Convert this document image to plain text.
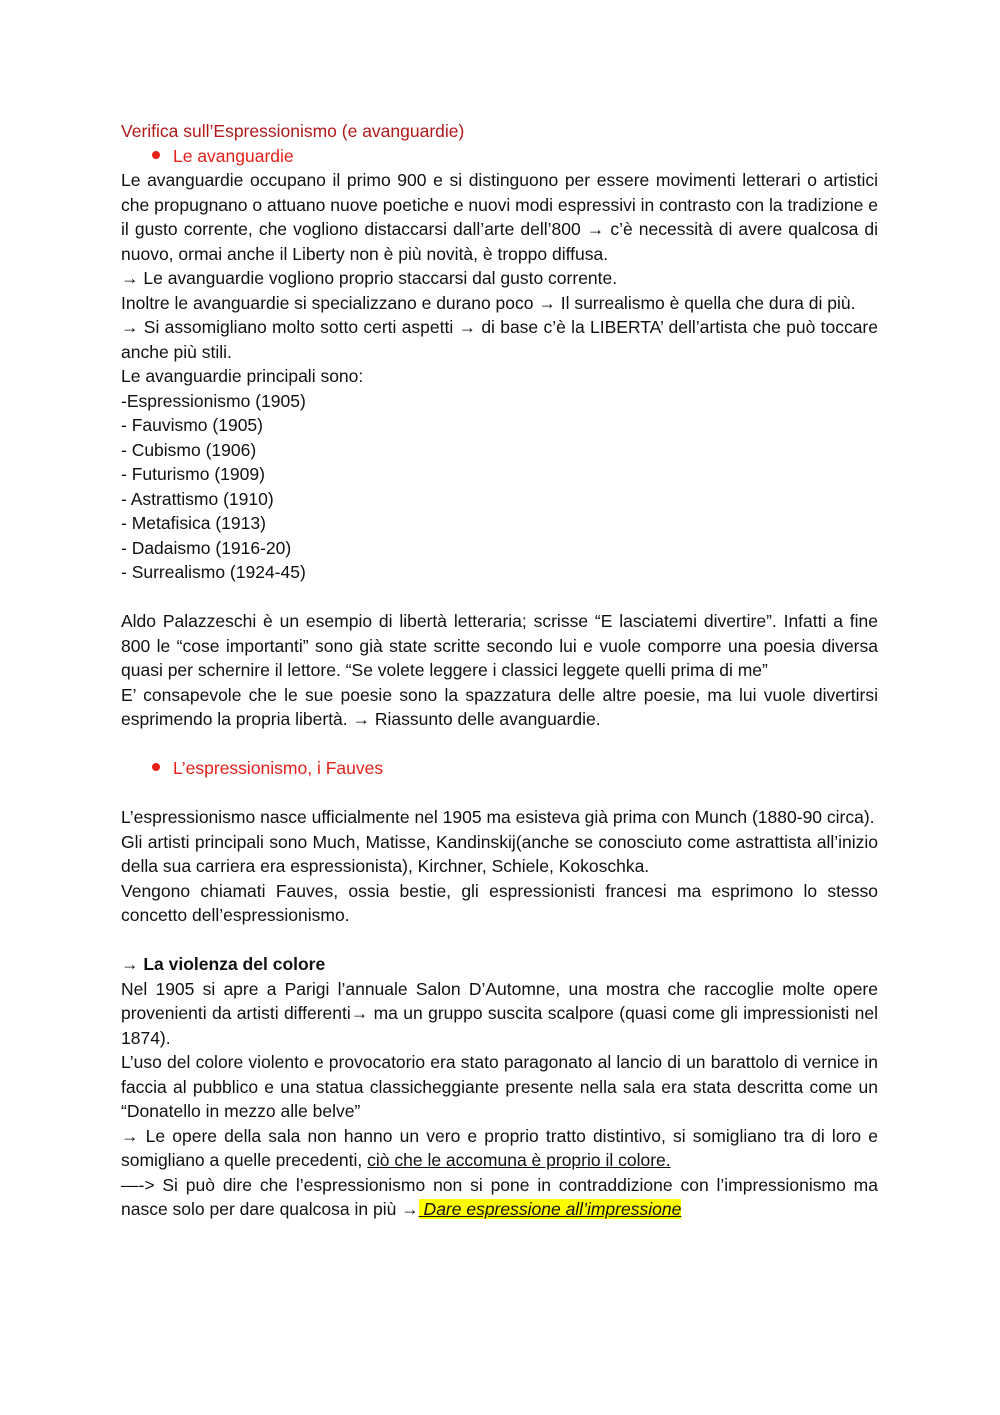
Verifica sull’Espressionismo (e avanguardie)

Le avanguardie

Le avanguardie occupano il primo 900 e si distinguono per essere movimenti letterari o artistici che propugnano o attuano nuove poetiche e nuovi modi espressivi in contrasto con la tradizione e il gusto corrente, che vogliono distaccarsi dall’arte dell’800 → c’è necessità di avere qualcosa di nuovo, ormai anche il Liberty non è più novità, è troppo diffusa.

→ Le avanguardie vogliono proprio staccarsi dal gusto corrente.

Inoltre le avanguardie si specializzano e durano poco → Il surrealismo è quella che dura di più.

→ Si assomigliano molto sotto certi aspetti → di base c’è la LIBERTA’ dell’artista che può toccare anche più stili.

Le avanguardie principali sono:

-Espressionismo (1905)

- Fauvismo (1905)

- Cubismo (1906)

- Futurismo (1909)

- Astrattismo (1910)

- Metafisica (1913)

- Dadaismo (1916-20)

- Surrealismo (1924-45)

Aldo Palazzeschi è un esempio di libertà letteraria; scrisse “E lasciatemi divertire”. Infatti a fine 800 le “cose importanti” sono già state scritte secondo lui e vuole comporre una poesia diversa quasi per schernire il lettore. “Se volete leggere i classici leggete quelli prima di me”

E’ consapevole che le sue poesie sono la spazzatura delle altre poesie, ma lui vuole divertirsi esprimendo la propria libertà. → Riassunto delle avanguardie.

L’espressionismo, i Fauves

L’espressionismo nasce ufficialmente nel 1905 ma esisteva già prima con Munch (1880-90 circa).

Gli artisti principali sono Much, Matisse, Kandinskij(anche se conosciuto come astrattista all’inizio della sua carriera era espressionista), Kirchner, Schiele, Kokoschka.

Vengono chiamati Fauves, ossia bestie, gli espressionisti francesi ma esprimono lo stesso concetto dell’espressionismo.

→ La violenza del colore

Nel 1905 si apre a Parigi l’annuale Salon D’Automne, una mostra che raccoglie molte opere provenienti da artisti differenti→ ma un gruppo suscita scalpore (quasi come gli impressionisti nel 1874).

L’uso del colore violento e provocatorio era stato paragonato al lancio di un barattolo di vernice in faccia al pubblico e una statua classicheggiante presente nella sala era stata descritta come un “Donatello in mezzo alle belve”

→ Le opere della sala non hanno un vero e proprio tratto distintivo, si somigliano tra di loro e somigliano a quelle precedenti, ciò che le accomuna è proprio il colore.

—-> Si può dire che l’espressionismo non si pone in contraddizione con l’impressionismo ma nasce solo per dare qualcosa in più → Dare espressione all’impressione
